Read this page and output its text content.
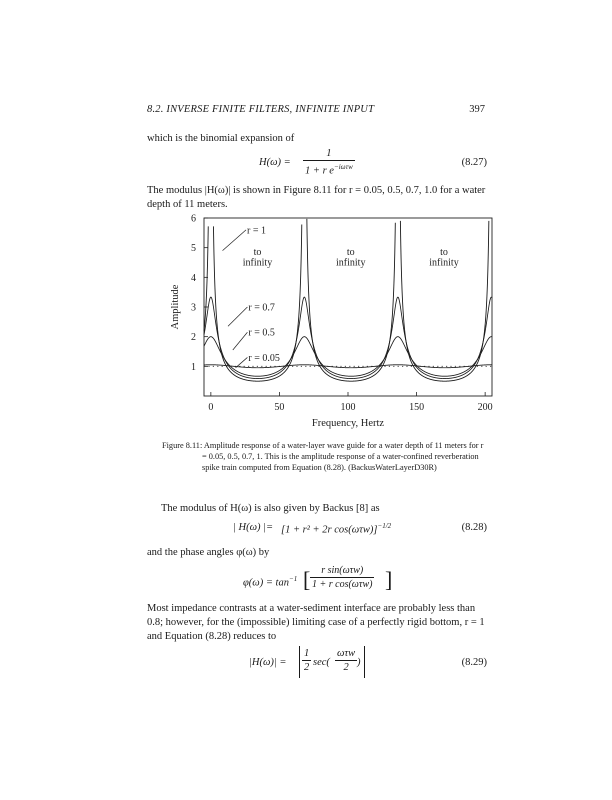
8.2. INVERSE FINITE FILTERS, INFINITE INPUT	397
which is the binomial expansion of
H(ω) =
1
1 + r $e^{-i\omega\tau w}$	(8.27)
The modulus |H(ω)| is shown in Figure 8.11 for r = 0.05, 0.5, 0.7, 1.0 for a water depth of 11 meters.
0	50	100	150	200
1
2
3
4
5
6
Frequency, Hertz
Amplitude
r = 1
r = 0.7
r = 0.5
r = 0.05
to
infinity
to
infinity
to
infinity
Figure 8.11: Amplitude response of a water-layer wave guide for a water depth of 11 meters for r = 0.05, 0.5, 0.7, 1. This is the amplitude response of a water-confined reverberation spike train computed from Equation (8.28). (BackusWaterLayerD30R)
The modulus of H(ω) is also given by Backus [8] as
| H(ω) |= [1 + r² + 2r cos(ωτw)]$^{-1/2}$	(8.28)
and the phase angles φ(ω) by
$\varphi(\omega) = \tan^{-1}$ [	r sin(ωτw)
1 + r cos(ωτw) ]
Most impedance contrasts at a water-sediment interface are probably less than 0.8; however, for the (impossible) limiting case of a perfectly rigid bottom, r = 1 and Equation (8.28) reduces to
$|H(\omega)| = \frac{1}{2} \sec$(
ωτw
2 )	(8.29)
